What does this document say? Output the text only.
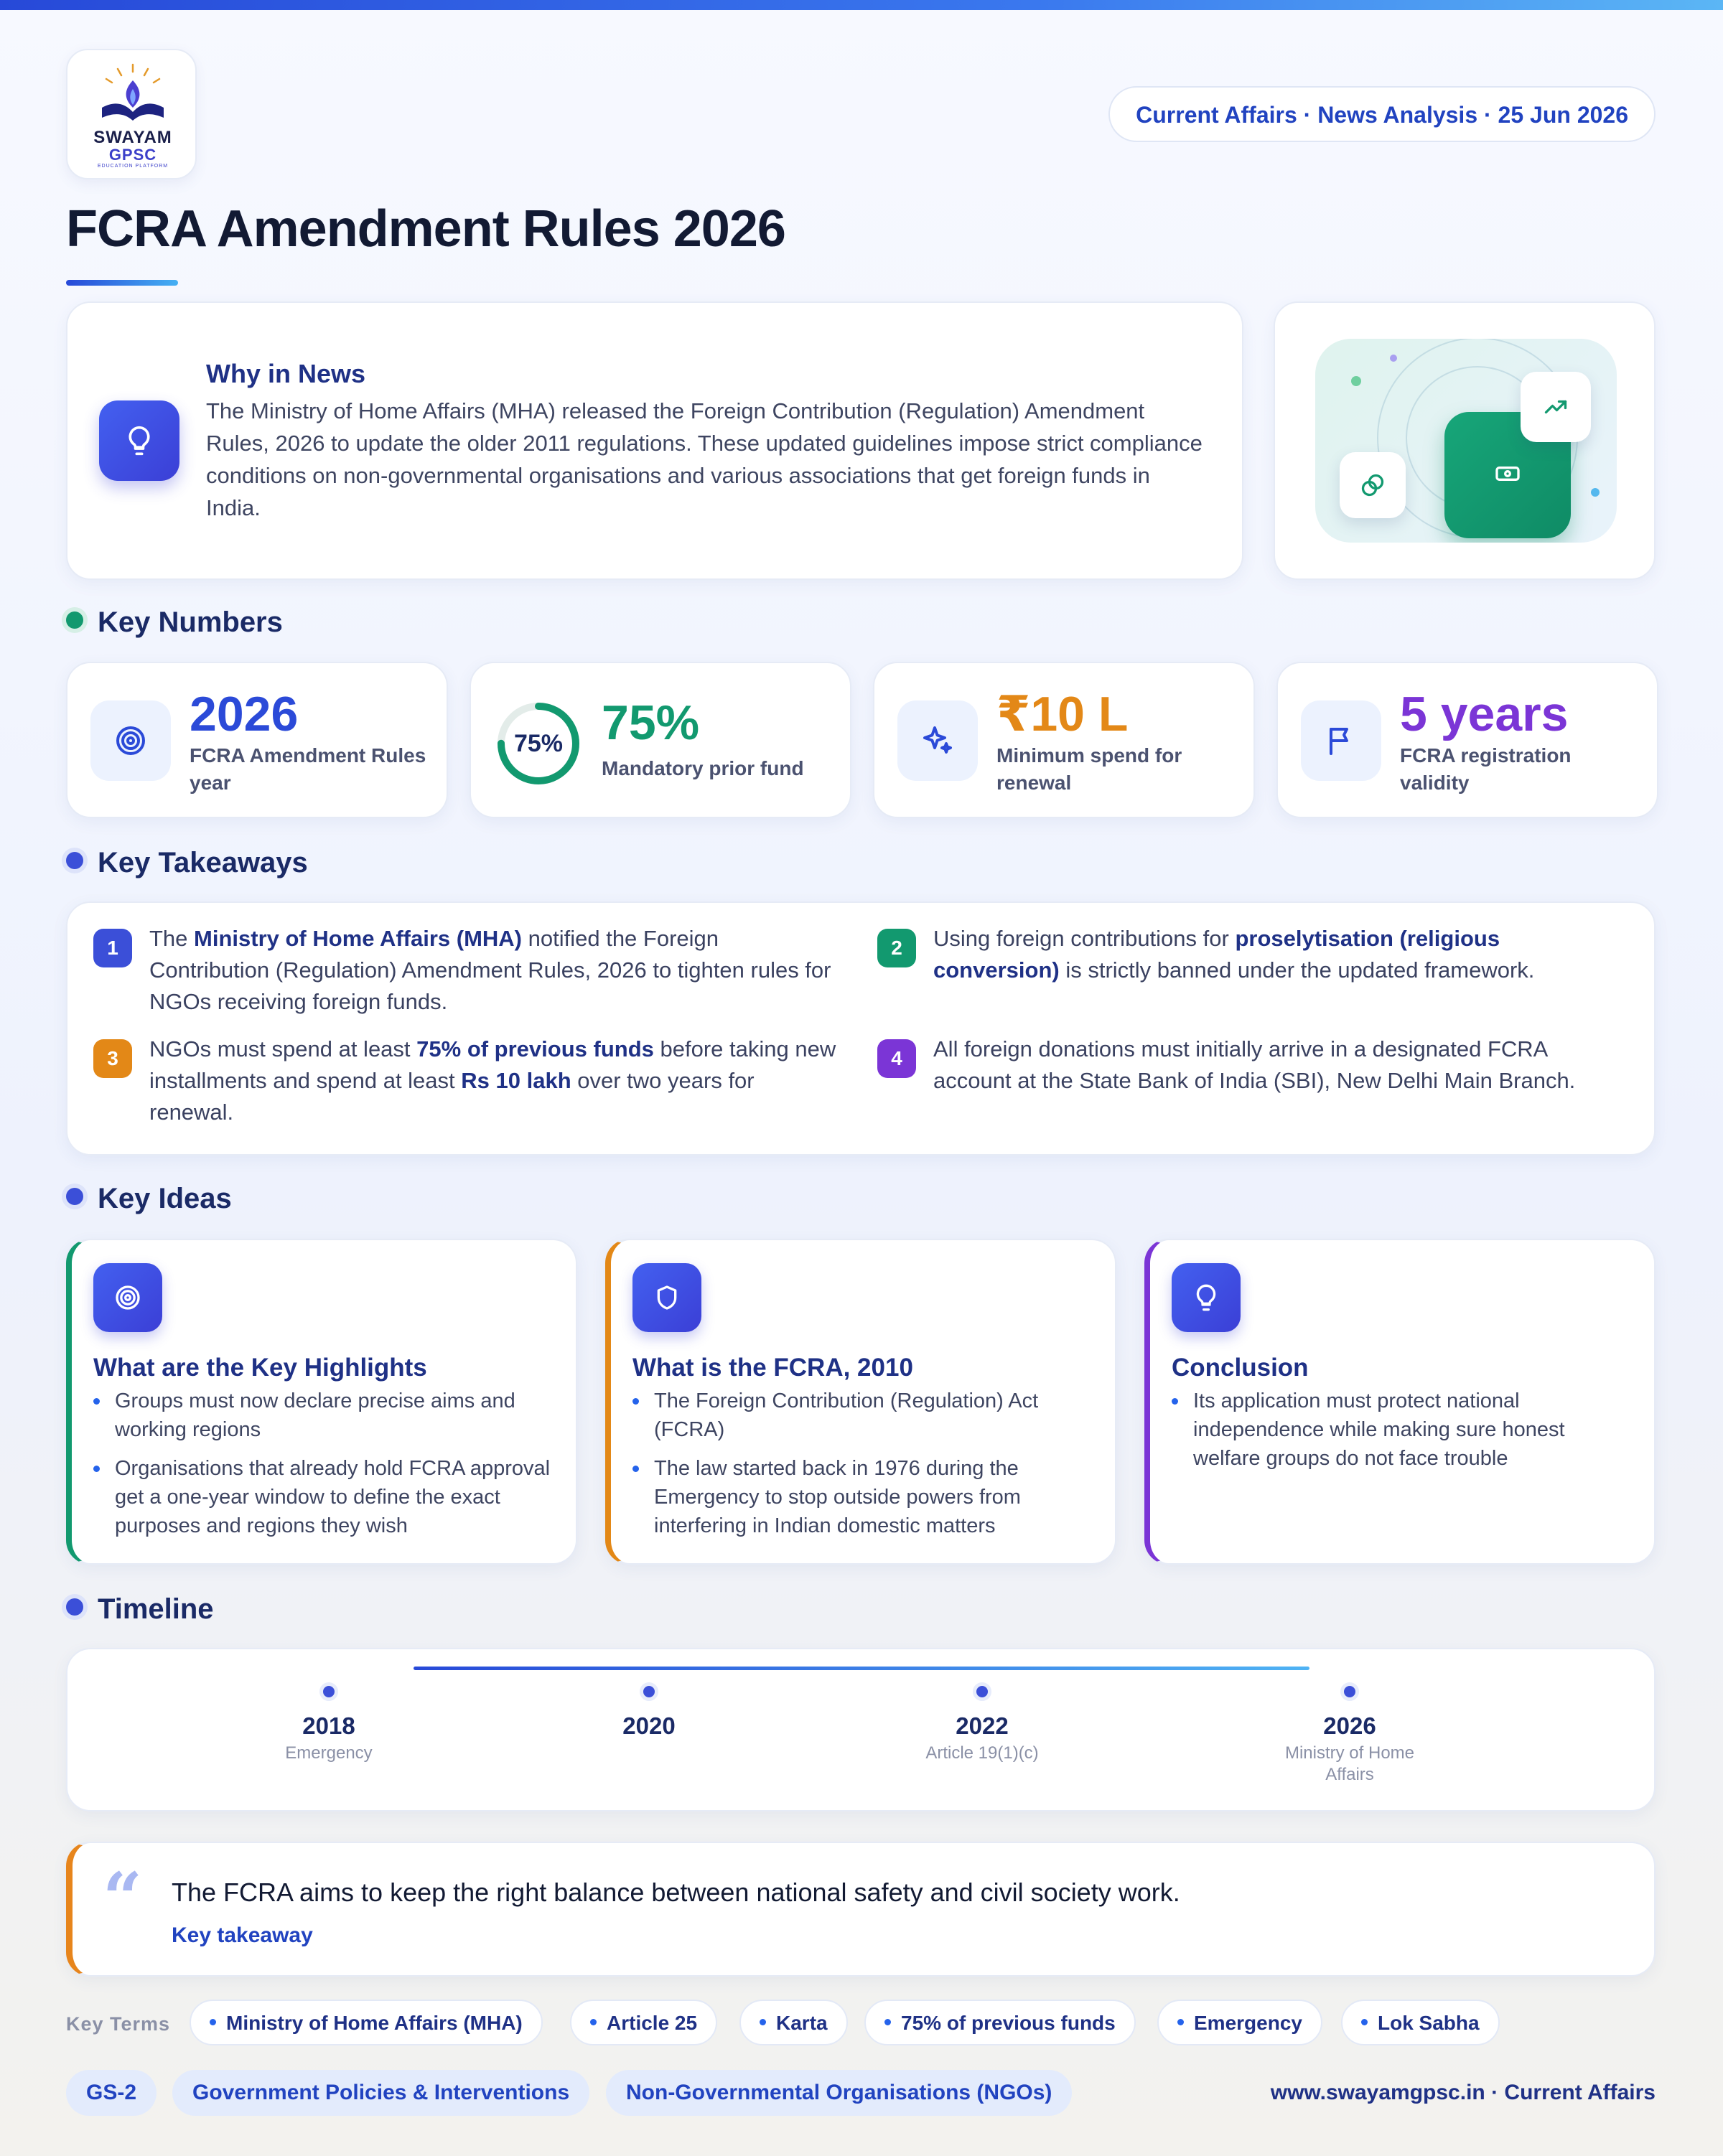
SWAYAM
GPSC
EDUCATION PLATFORM
Current Affairs · News Analysis · 25 Jun 2026
FCRA Amendment Rules 2026
Why in News

The Ministry of Home Affairs (MHA) released the Foreign Contribution (Regulation) Amendment Rules, 2026 to update the older 2011 regulations. These updated guidelines impose strict compliance conditions on non-governmental organisations and various associations that get foreign funds in India.

Key Numbers
2026
FCRA Amendment Rules year
75% 75%
Mandatory prior fund
₹10 L
Minimum spend for renewal
5 years
FCRA registration validity
Key Takeaways
1	The Ministry of Home Affairs (MHA) notified the Foreign Contribution (Regulation) Amendment Rules, 2026 to tighten rules for NGOs receiving foreign funds.
2	Using foreign contributions for proselytisation (religious conversion) is strictly banned under the updated framework.
3	NGOs must spend at least 75% of previous funds before taking new installments and spend at least Rs 10 lakh over two years for renewal.
4	All foreign donations must initially arrive in a designated FCRA account at the State Bank of India (SBI), New Delhi Main Branch.
Key Ideas
What are the Key Highlights
Groups must now declare precise aims and working regions
Organisations that already hold FCRA approval get a one-year window to define the exact purposes and regions they wish
What is the FCRA, 2010
The Foreign Contribution (Regulation) Act (FCRA)
The law started back in 1976 during the Emergency to stop outside powers from interfering in Indian domestic matters
Conclusion
Its application must protect national independence while making sure honest welfare groups do not face trouble
Timeline
2018
Emergency
2020	2022
Article 19(1)(c)
2026
Ministry of Home Affairs
“ The FCRA aims to keep the right balance between national safety and civil society work.
Key takeaway
Key Terms	Ministry of Home Affairs (MHA)	Article 25	Karta	75% of previous funds	Emergency	Lok Sabha
GS-2	Government Policies & Interventions	Non-Governmental Organisations (NGOs)	www.swayamgpsc.in · Current Affairs
